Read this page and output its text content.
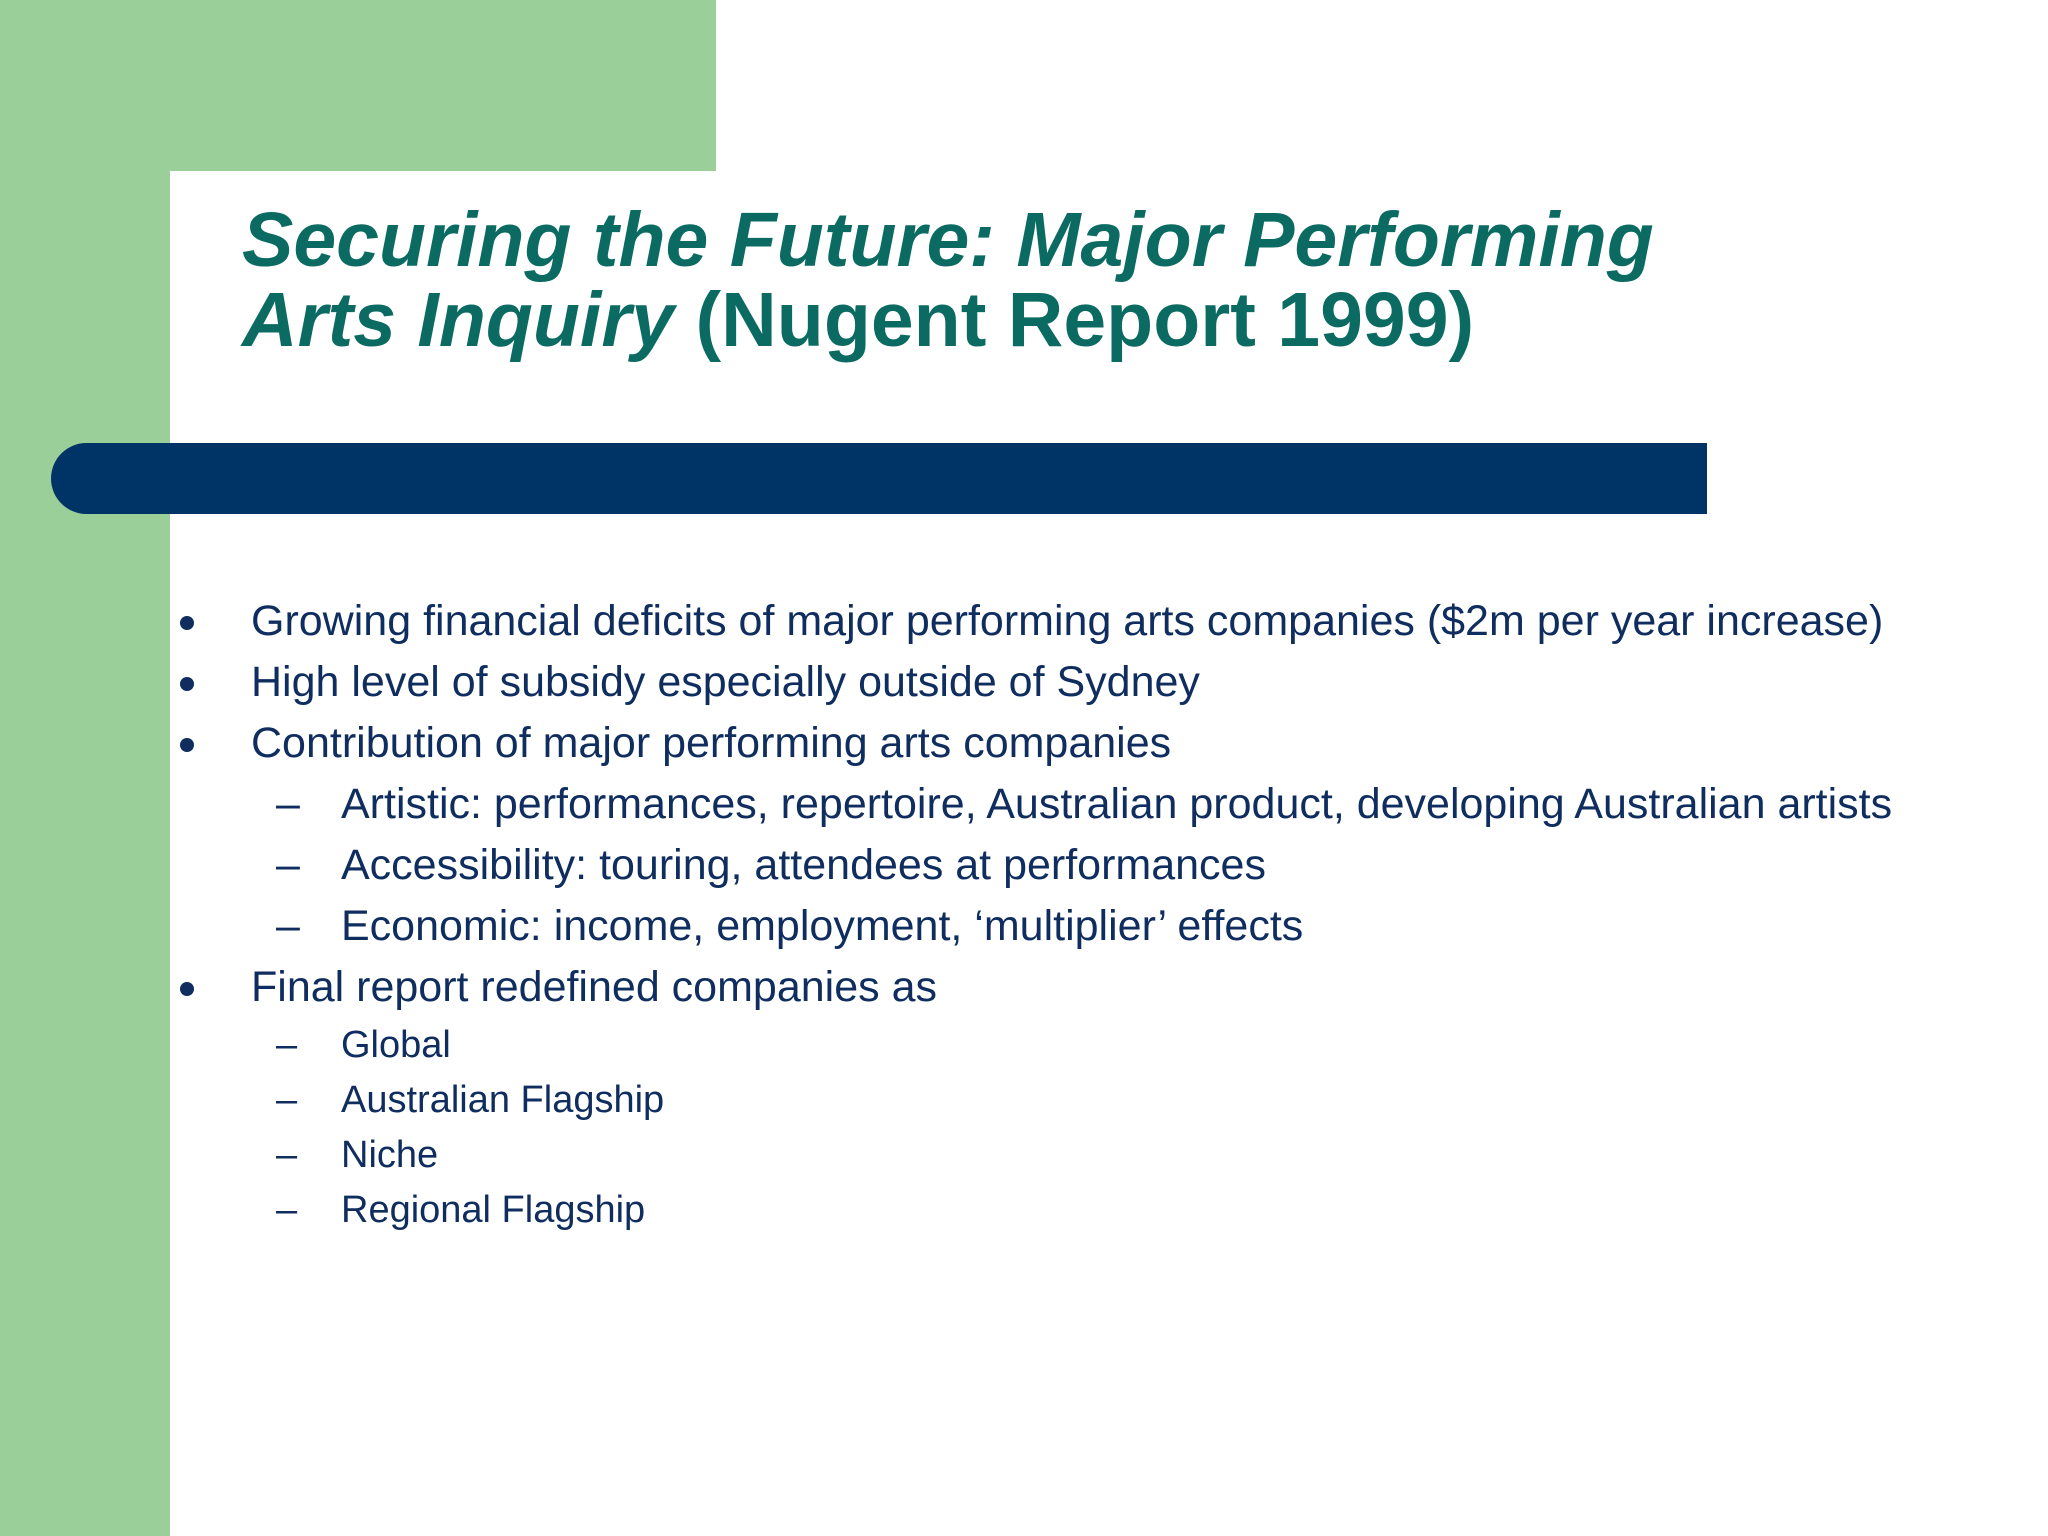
Securing the Future: Major Performing Arts Inquiry (Nugent Report 1999)
Growing financial deficits of major performing arts companies ($2m per year increase)
High level of subsidy especially outside of Sydney
Contribution of major performing arts companies
– Artistic: performances, repertoire, Australian product, developing Australian artists
– Accessibility: touring, attendees at performances
– Economic: income, employment, ‘multiplier’ effects
Final report redefined companies as
– Global
– Australian Flagship
– Niche
– Regional Flagship
